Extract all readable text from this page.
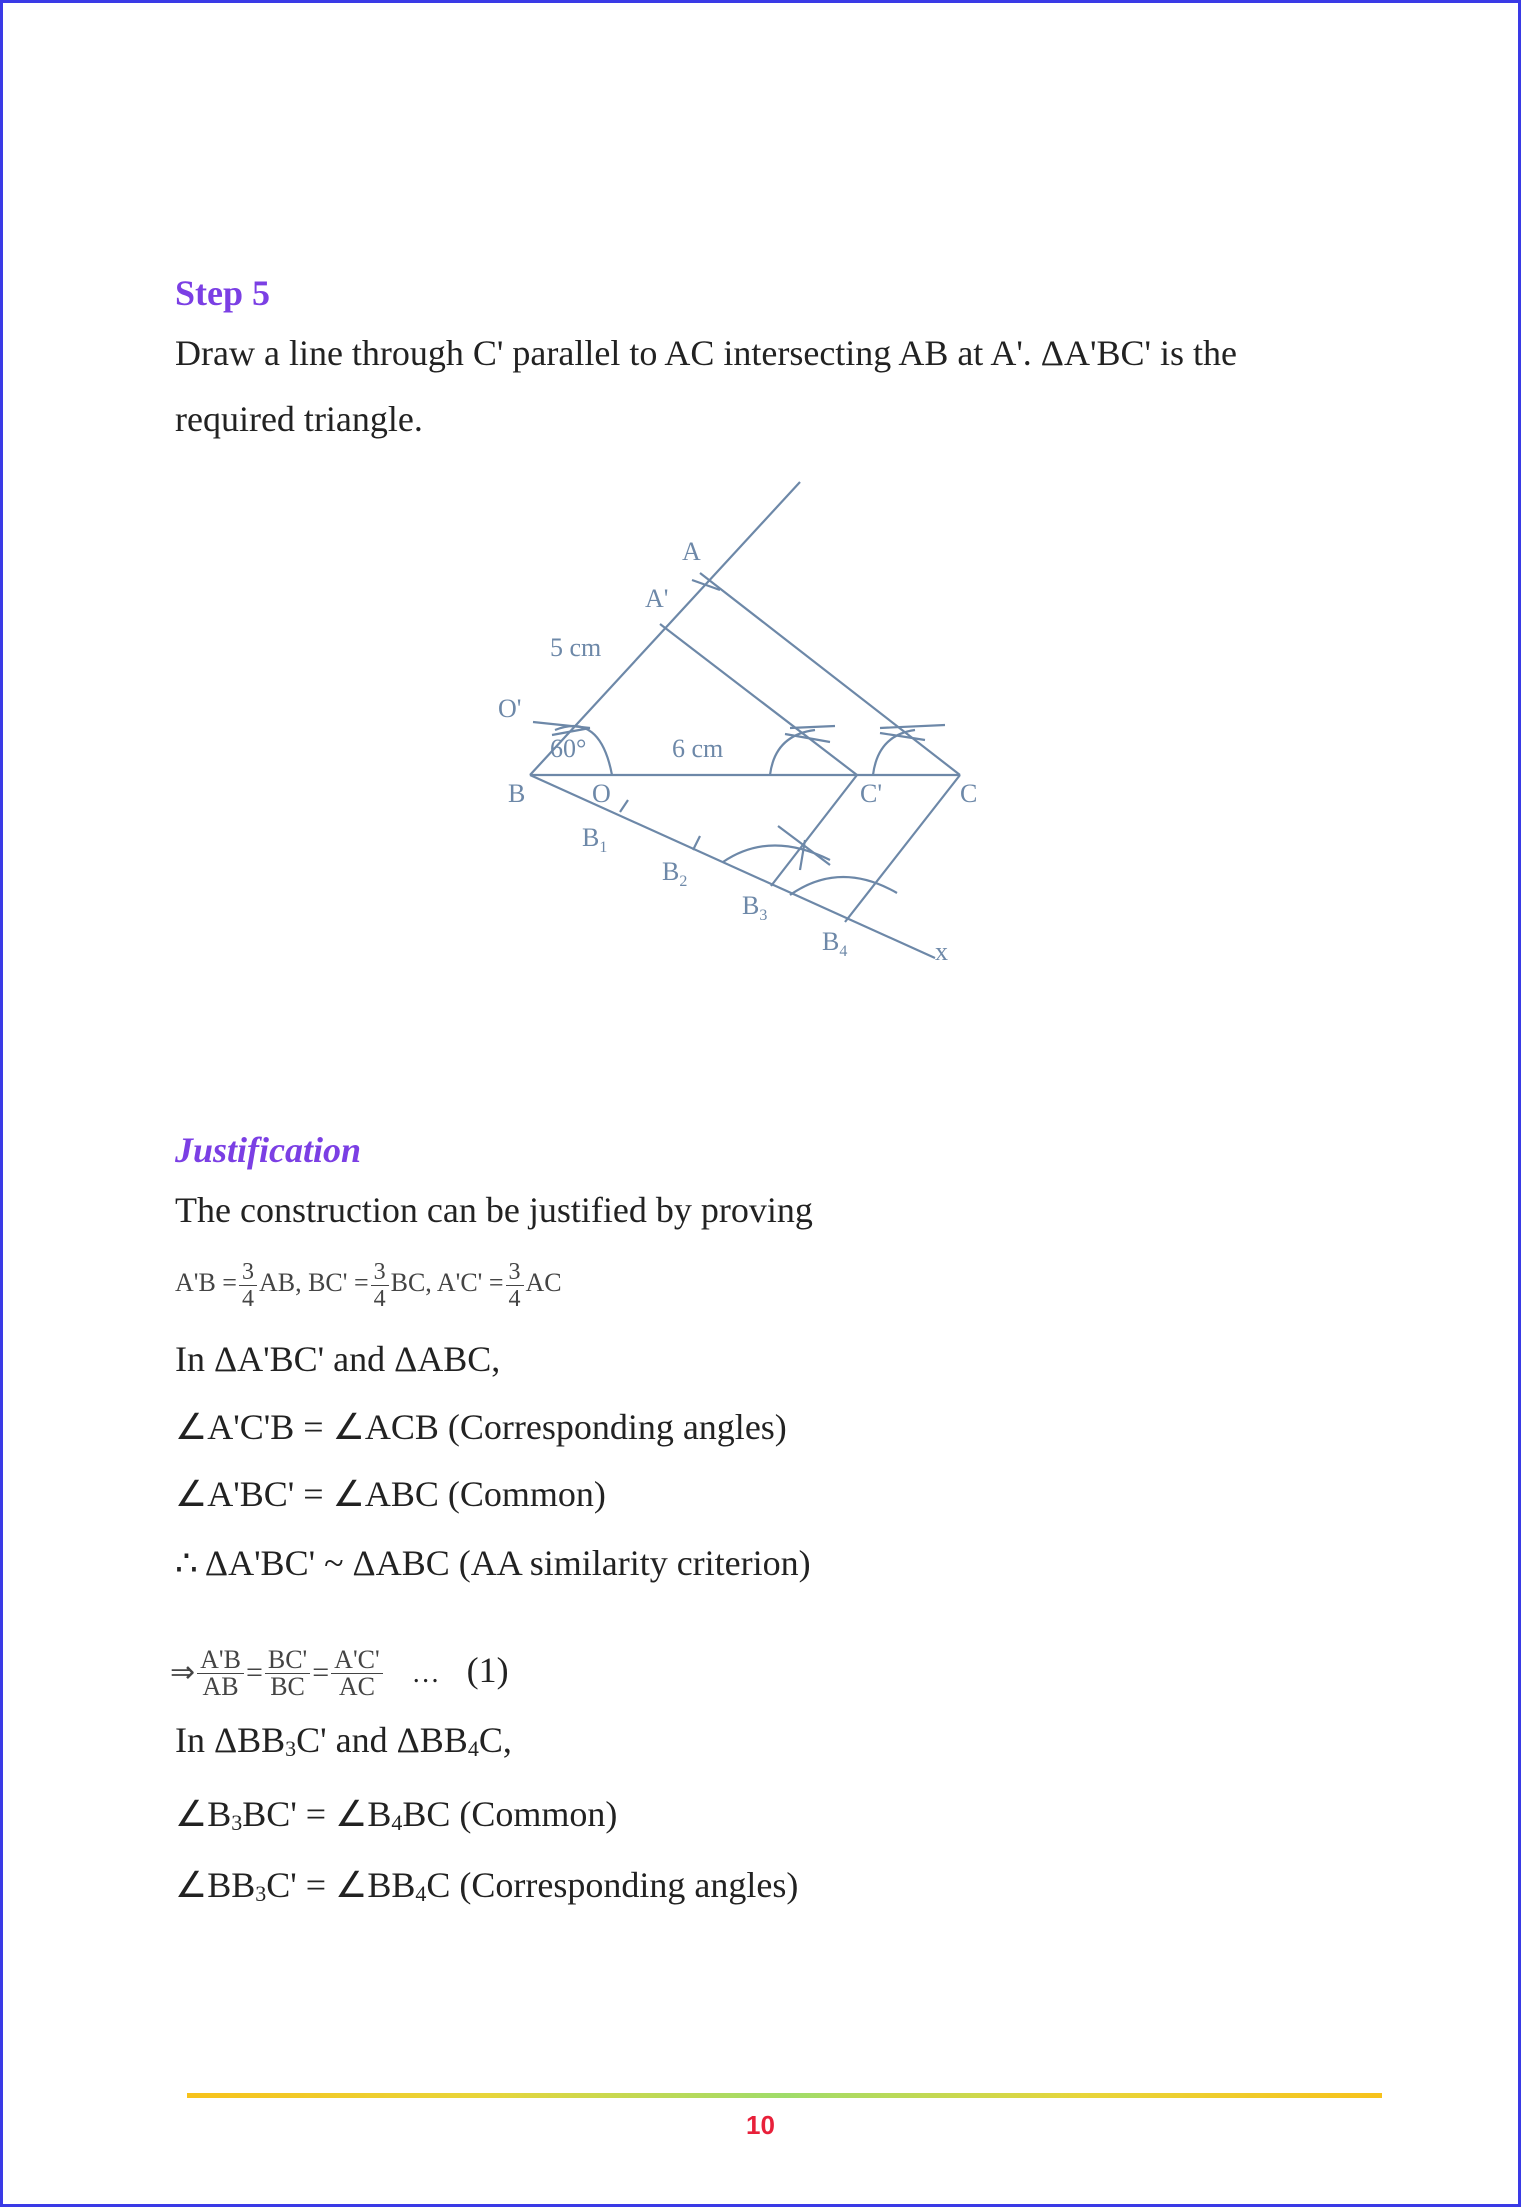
Step 5
Draw a line through C' parallel to AC intersecting AB at A'. ΔA'BC' is the
required triangle.
A
A'
5 cm
O'
60°	6 cm
B	O	C'	C
$B_1$
$B_2$
$B_3$
$B_4$	x
Justification
The construction can be justified by proving
$A'B = \frac{3}{4}$ AB, $BC' = \frac{3}{4}$ BC, $A'C' = \frac{3}{4}$ AC
In ΔA'BC' and ΔABC,
∠A'C'B = ∠ACB (Corresponding angles)
∠A'BC' = ∠ABC (Common)
∴ ΔA'BC' ~ ΔABC (AA similarity criterion)
⇒ $\frac{A'B}{AB} = \frac{BC'}{BC} = \frac{A'C'}{AC}$ … (1)
In $\Delta BB_3C'$ and $\Delta BB_4C$,
$\angle B_3BC'$ = $\angle B_4BC$ (Common)
$\angle BB_3C'$ = $\angle BB_4C$ (Corresponding angles)
10
